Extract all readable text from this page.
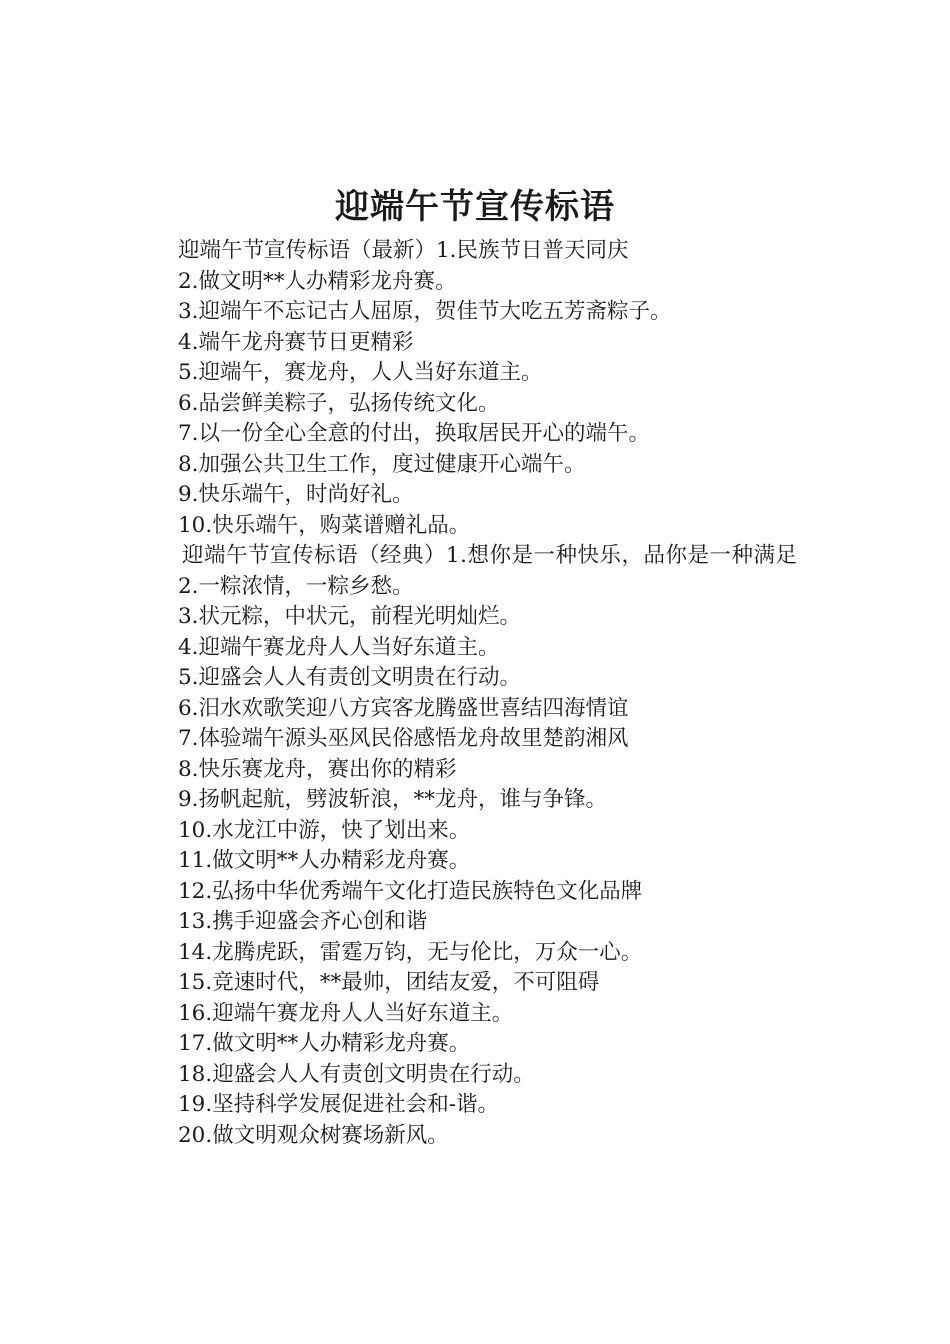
迎端午节宣传标语

迎端午节宣传标语（最新）1.民族节日普天同庆

2.做文明**人办精彩龙舟赛。

3.迎端午不忘记古人屈原，贺佳节大吃五芳斋粽子。

4.端午龙舟赛节日更精彩

5.迎端午，赛龙舟，人人当好东道主。

6.品尝鲜美粽子，弘扬传统文化。

7.以一份全心全意的付出，换取居民开心的端午。

8.加强公共卫生工作，度过健康开心端午。

9.快乐端午，时尚好礼。

10.快乐端午，购菜谱赠礼品。

迎端午节宣传标语（经典）1.想你是一种快乐，品你是一种满足

2.一粽浓情，一粽乡愁。

3.状元粽，中状元，前程光明灿烂。

4.迎端午赛龙舟人人当好东道主。

5.迎盛会人人有责创文明贵在行动。

6.汨水欢歌笑迎八方宾客龙腾盛世喜结四海情谊

7.体验端午源头巫风民俗感悟龙舟故里楚韵湘风

8.快乐赛龙舟，赛出你的精彩

9.扬帆起航，劈波斩浪，**龙舟，谁与争锋。

10.水龙江中游，快了划出来。

11.做文明**人办精彩龙舟赛。

12.弘扬中华优秀端午文化打造民族特色文化品牌

13.携手迎盛会齐心创和谐

14.龙腾虎跃，雷霆万钧，无与伦比，万众一心。

15.竞速时代，**最帅，团结友爱，不可阻碍

16.迎端午赛龙舟人人当好东道主。

17.做文明**人办精彩龙舟赛。

18.迎盛会人人有责创文明贵在行动。

19.坚持科学发展促进社会和-谐。

20.做文明观众树赛场新风。
